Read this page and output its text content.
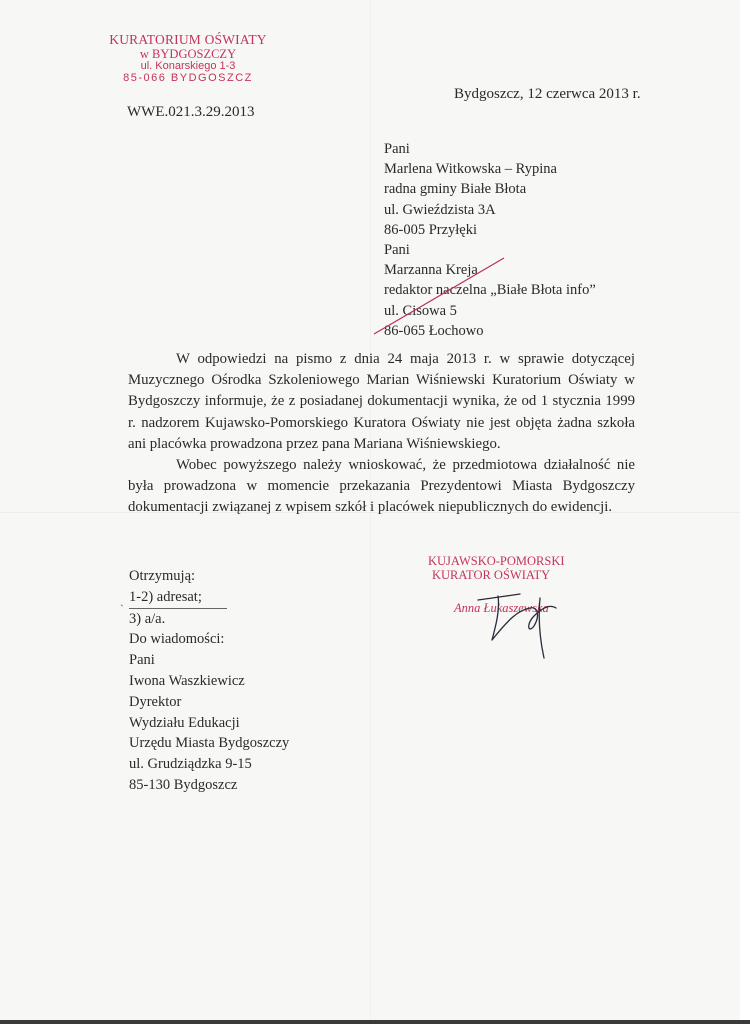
KURATORIUM OŚWIATY
w BYDGOSZCZY
ul. Konarskiego 1-3
85-066 BYDGOSZCZ
WWE.021.3.29.2013
Bydgoszcz, 12 czerwca 2013 r.
Pani
Marlena Witkowska – Rypina
radna gminy Białe Błota
ul. Gwieździsta 3A
86-005 Przyłęki
Pani
Marzanna Kreja
redaktor naczelna „Białe Błota info”
ul. Cisowa 5
86-065 Łochowo

W odpowiedzi na pismo z dnia 24 maja 2013 r. w sprawie dotyczącej Muzycznego Ośrodka Szkoleniowego Marian Wiśniewski Kuratorium Oświaty w Bydgoszczy informuje, że z posiadanej dokumentacji wynika, że od 1 stycznia 1999 r. nadzorem Kujawsko-Pomorskiego Kuratora Oświaty nie jest objęta żadna szkoła ani placówka prowadzona przez pana Mariana Wiśniewskiego.

Wobec powyższego należy wnioskować, że przedmiotowa działalność nie była prowadzona w momencie przekazania Prezydentowi Miasta Bydgoszczy dokumentacji związanej z wpisem szkół i placówek niepublicznych do ewidencji.

`
Otrzymują:
1-2) adresat;
3) a/a.
Do wiadomości:
Pani
Iwona Waszkiewicz
Dyrektor
Wydziału Edukacji
Urzędu Miasta Bydgoszczy
ul. Grudziądzka 9-15
85-130 Bydgoszcz
KUJAWSKO-POMORSKI
KURATOR OŚWIATY
Anna Łukaszewska
